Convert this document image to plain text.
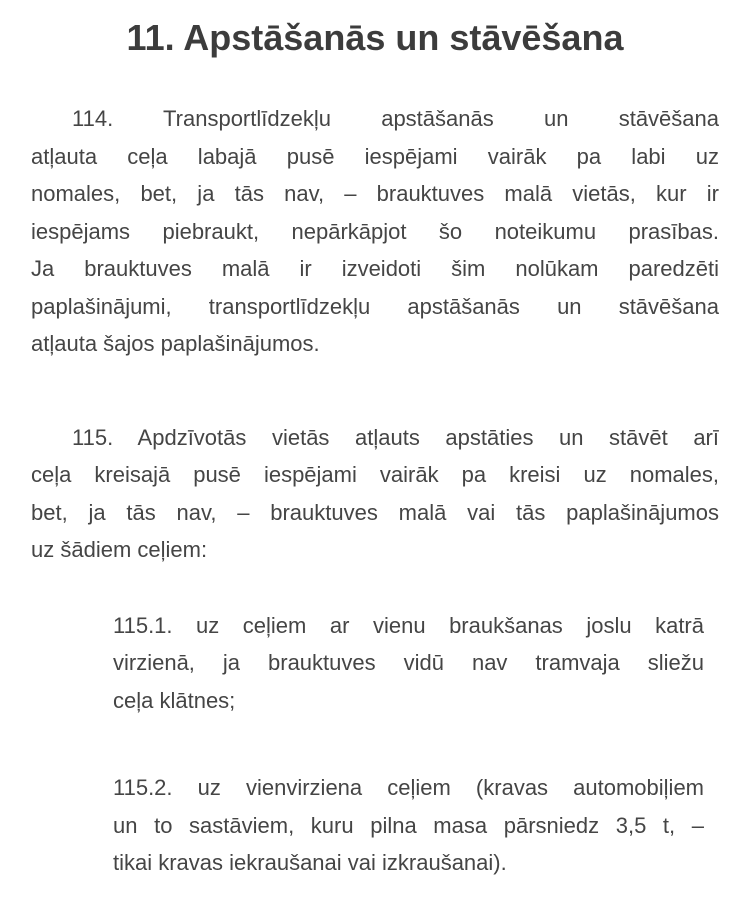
11. Apstāšanās un stāvēšana
114. Transportlīdzekļu apstāšanās un stāvēšana
atļauta ceļa labajā pusē iespējami vairāk pa labi uz
nomales, bet, ja tās nav, – brauktuves malā vietās, kur ir
iespējams piebraukt, nepārkāpjot šo noteikumu prasības.
Ja brauktuves malā ir izveidoti šim nolūkam paredzēti
paplašinājumi, transportlīdzekļu apstāšanās un stāvēšana
atļauta šajos paplašinājumos.
115. Apdzīvotās vietās atļauts apstāties un stāvēt arī
ceļa kreisajā pusē iespējami vairāk pa kreisi uz nomales,
bet, ja tās nav, – brauktuves malā vai tās paplašinājumos
uz šādiem ceļiem:
115.1. uz ceļiem ar vienu braukšanas joslu katrā
virzienā, ja brauktuves vidū nav tramvaja sliežu
ceļa klātnes;
115.2. uz vienvirziena ceļiem (kravas automobiļiem
un to sastāviem, kuru pilna masa pārsniedz 3,5 t, –
tikai kravas iekraušanai vai izkraušanai).
